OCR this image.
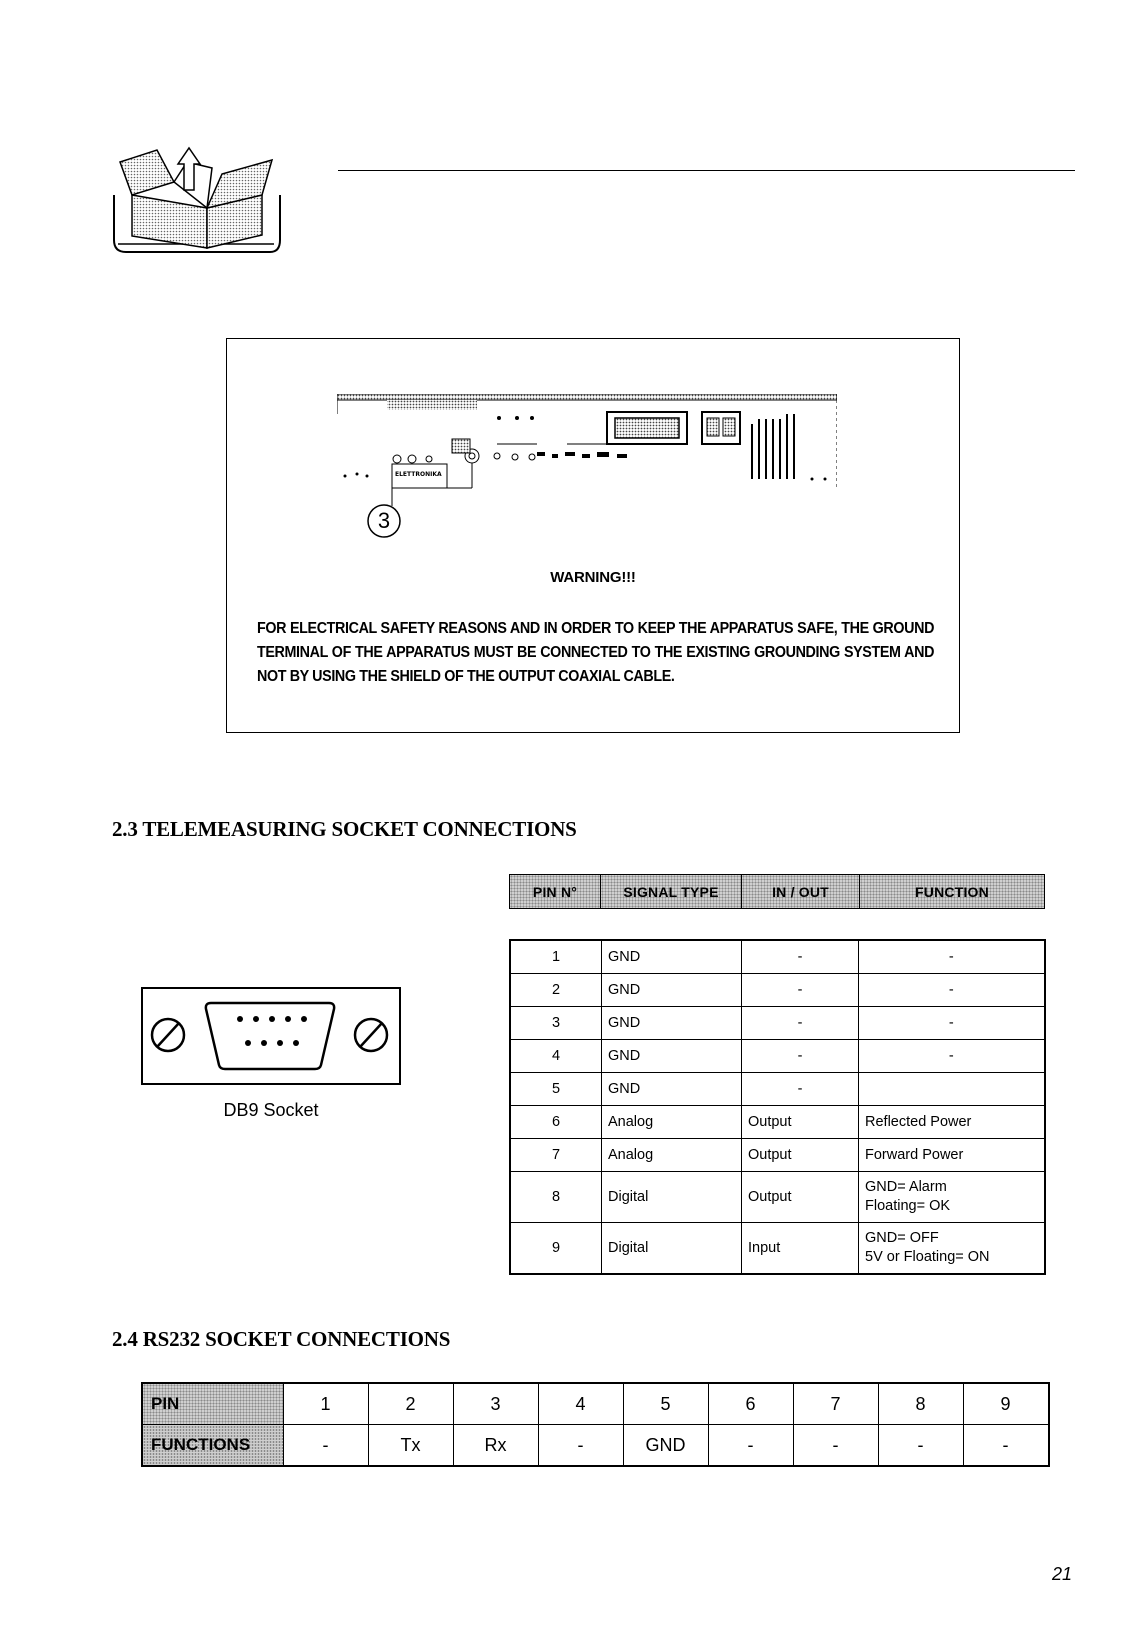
ELETTRONIKA
3
WARNING!!!
FOR ELECTRICAL SAFETY REASONS AND IN ORDER TO KEEP THE APPARATUS SAFE, THE GROUND TERMINAL OF THE APPARATUS MUST BE CONNECTED TO THE EXISTING GROUNDING SYSTEM AND NOT BY USING THE SHIELD OF THE OUTPUT COAXIAL CABLE.
2.3 TELEMEASURING SOCKET CONNECTIONS
PIN N°	SIGNAL TYPE	IN / OUT	FUNCTION
1	GND	-	-

2	GND	-	-

3	GND	-	-

4	GND	-	-

5	GND	-	

6	Analog	Output	Reflected Power

7	Analog	Output	Forward Power

8	Digital	Output	GND= Alarm
Floating= OK

9	Digital	Input	GND= OFF
5V or Floating= ON
DB9 Socket
2.4 RS232 SOCKET CONNECTIONS
PIN	1	2	3	4	5	6	7	8	9
FUNCTIONS	-	Tx	Rx	-	GND	-	-	-	-
21
